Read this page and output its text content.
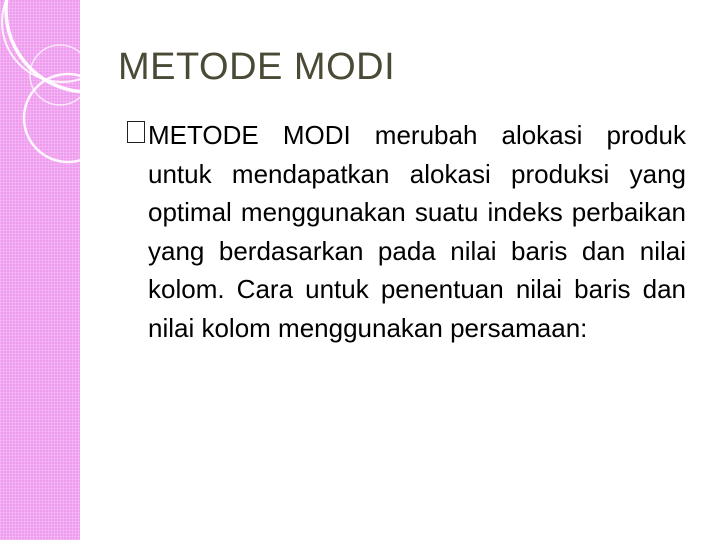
METODE MODI

METODE MODI merubah alokasi produk untuk mendapatkan alokasi produksi yang optimal menggunakan suatu indeks perbaikan yang berdasarkan pada nilai baris dan nilai kolom. Cara untuk penentuan nilai baris dan nilai kolom menggunakan persamaan:
